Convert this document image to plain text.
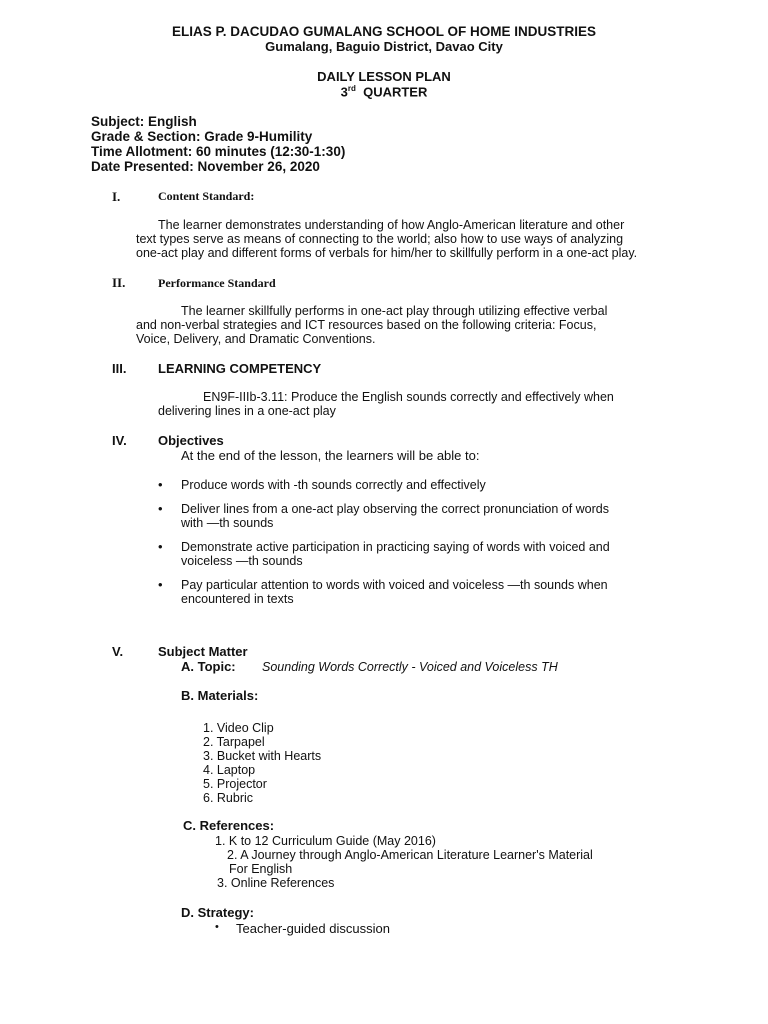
ELIAS P. DACUDAO GUMALANG SCHOOL OF HOME INDUSTRIES
Gumalang, Baguio District, Davao City
DAILY LESSON PLAN
3rd QUARTER
Subject: English
Grade & Section: Grade 9-Humility
Time Allotment: 60 minutes (12:30-1:30)
Date Presented: November 26, 2020
I.	Content Standard:
The learner demonstrates understanding of how Anglo-American literature and other
text types serve as means of connecting to the world; also how to use ways of analyzing
one-act play and different forms of verbals for him/her to skillfully perform in a one-act play.
II.	Performance Standard
The learner skillfully performs in one-act play through utilizing effective verbal
and non-verbal strategies and ICT resources based on the following criteria: Focus,
Voice, Delivery, and Dramatic Conventions.
III. LEARNING COMPETENCY
EN9F-IIIb-3.11: Produce the English sounds correctly and effectively when
delivering lines in a one-act play
IV. Objectives
At the end of the lesson, the learners will be able to:
• Produce words with -th sounds correctly and effectively
• Deliver lines from a one-act play observing the correct pronunciation of words
with —th sounds
• Demonstrate active participation in practicing saying of words with voiced and
voiceless —th sounds
• Pay particular attention to words with voiced and voiceless —th sounds when
encountered in texts
V.	Subject Matter
A. Topic: Sounding Words Correctly - Voiced and Voiceless TH
B. Materials:
1. Video Clip
2. Tarpapel
3. Bucket with Hearts
4. Laptop
5. Projector
6. Rubric
C. References:
1. K to 12 Curriculum Guide (May 2016)
2. A Journey through Anglo-American Literature Learner's Material
For English
3. Online References
D. Strategy:
• Teacher-guided discussion
